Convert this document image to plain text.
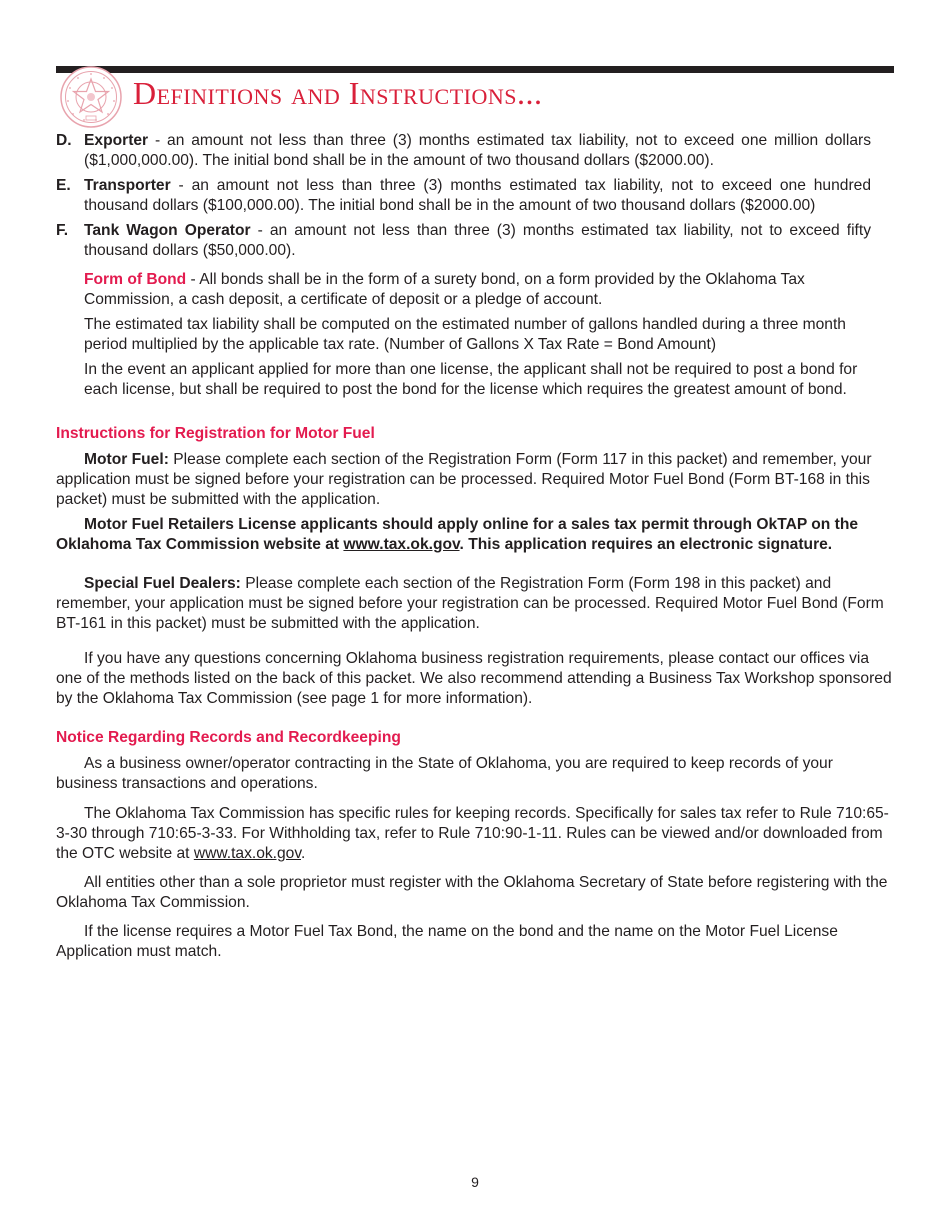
Definitions and Instructions...
D. Exporter - an amount not less than three (3) months estimated tax liability, not to exceed one million dollars ($1,000,000.00). The initial bond shall be in the amount of two thousand dollars ($2000.00).
E. Transporter - an amount not less than three (3) months estimated tax liability, not to exceed one hundred thousand dollars ($100,000.00). The initial bond shall be in the amount of two thousand dollars ($2000.00)
F.	Tank Wagon Operator - an amount not less than three (3) months estimated tax liability, not to exceed fifty thousand dollars ($50,000.00).

Form of Bond - All bonds shall be in the form of a surety bond, on a form provided by the Oklahoma Tax Commission, a cash deposit, a certificate of deposit or a pledge of account.

The estimated tax liability shall be computed on the estimated number of gallons handled during a three month period multiplied by the applicable tax rate. (Number of Gallons X Tax Rate = Bond Amount)

In the event an applicant applied for more than one license, the applicant shall not be required to post a bond for each license, but shall be required to post the bond for the license which requires the greatest amount of bond.

Instructions for Registration for Motor Fuel

Motor Fuel: Please complete each section of the Registration Form (Form 117 in this packet) and remember, your application must be signed before your registration can be processed. Required Motor Fuel Bond (Form BT-168 in this packet) must be submitted with the application.

Motor Fuel Retailers License applicants should apply online for a sales tax permit through OkTAP on the Oklahoma Tax Commission website at www.tax.ok.gov. This application requires an electronic signature.

Special Fuel Dealers: Please complete each section of the Registration Form (Form 198 in this packet) and remember, your application must be signed before your registration can be processed. Required Motor Fuel Bond (Form BT-161 in this packet) must be submitted with the application.

If you have any questions concerning Oklahoma business registration requirements, please contact our offices via one of the methods listed on the back of this packet. We also recommend attending a Business Tax Workshop sponsored by the Oklahoma Tax Commission (see page 1 for more information).

Notice Regarding Records and Recordkeeping

As a business owner/operator contracting in the State of Oklahoma, you are required to keep records of your business transactions and operations.

The Oklahoma Tax Commission has specific rules for keeping records. Specifically for sales tax refer to Rule 710:65-3-30 through 710:65-3-33. For Withholding tax, refer to Rule 710:90-1-11. Rules can be viewed and/or downloaded from the OTC website at www.tax.ok.gov.

All entities other than a sole proprietor must register with the Oklahoma Secretary of State before registering with the Oklahoma Tax Commission.

If the license requires a Motor Fuel Tax Bond, the name on the bond and the name on the Motor Fuel License Application must match.

9
